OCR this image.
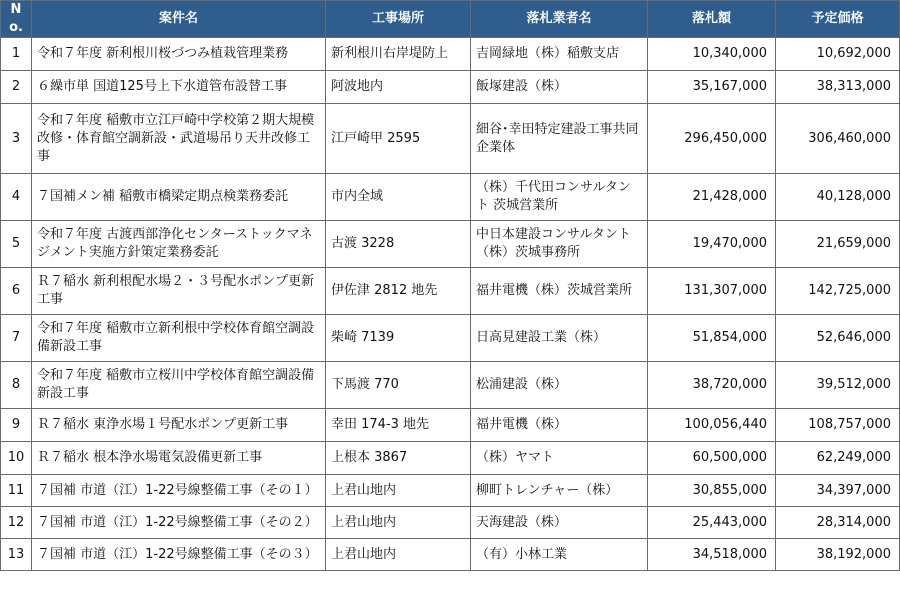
No.	案件名	工事場所	落札業者名	落札額	予定価格
1	令和７年度 新利根川桜づつみ植栽管理業務	新利根川右岸堤防上	吉岡緑地（株）稲敷支店	10,340,000	10,692,000
2	６繰市単 国道125号上下水道管布設替工事	阿波地内	飯塚建設（株）	35,167,000	38,313,000
3	令和７年度 稲敷市立江戸崎中学校第２期大規模改修・体育館空調新設・武道場吊り天井改修工事	江戸崎甲 2595	細谷･幸田特定建設工事共同企業体	296,450,000	306,460,000
4	７国補メン補 稲敷市橋梁定期点検業務委託	市内全域	（株）千代田コンサルタント 茨城営業所	21,428,000	40,128,000
5	令和７年度 古渡西部浄化センターストックマネジメント実施方針策定業務委託	古渡 3228	中日本建設コンサルタント（株）茨城事務所	19,470,000	21,659,000
6	Ｒ７稲水 新利根配水場２・３号配水ポンプ更新工事	伊佐津 2812 地先	福井電機（株）茨城営業所	131,307,000	142,725,000
7	令和７年度 稲敷市立新利根中学校体育館空調設備新設工事	柴崎 7139	日高見建設工業（株）	51,854,000	52,646,000
8	令和７年度 稲敷市立桜川中学校体育館空調設備新設工事	下馬渡 770	松浦建設（株）	38,720,000	39,512,000
9	Ｒ７稲水 東浄水場１号配水ポンプ更新工事	幸田 174-3 地先	福井電機（株）	100,056,440	108,757,000
10	Ｒ７稲水 根本浄水場電気設備更新工事	上根本 3867	（株）ヤマト	60,500,000	62,249,000
11	７国補 市道（江）1-22号線整備工事（その１）	上君山地内	柳町トレンチャー（株）	30,855,000	34,397,000
12	７国補 市道（江）1-22号線整備工事（その２）	上君山地内	天海建設（株）	25,443,000	28,314,000
13	７国補 市道（江）1-22号線整備工事（その３）	上君山地内	（有）小林工業	34,518,000	38,192,000
